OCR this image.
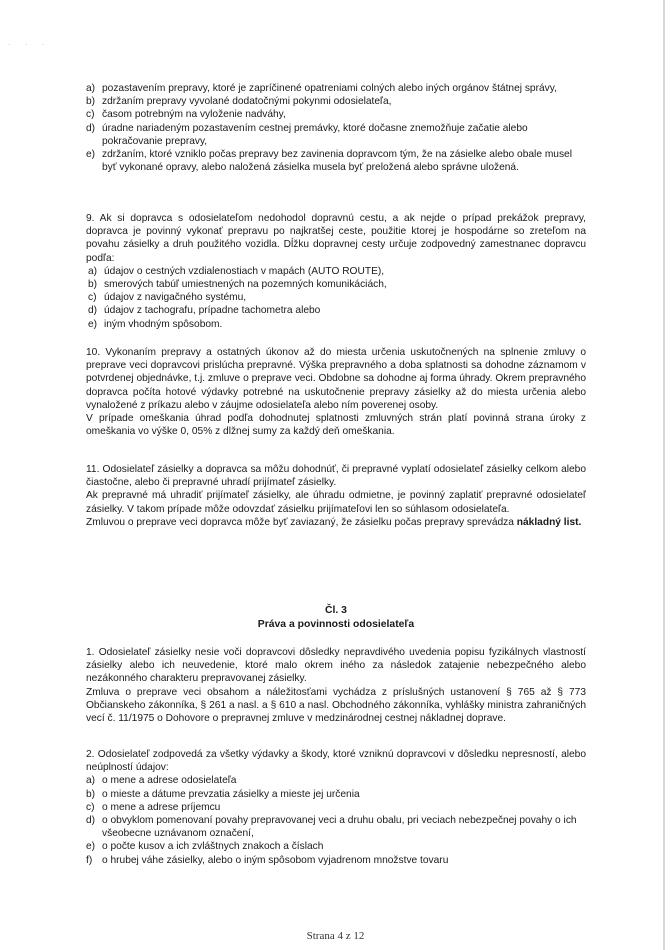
· · ·
a) pozastavením prepravy, ktoré je zapríčinené opatreniami colných alebo iných orgánov štátnej správy,
b) zdržaním prepravy vyvolané dodatočnými pokynmi odosielateľa,
c) časom potrebným na vyloženie nadváhy,
d) úradne nariadeným pozastavením cestnej premávky, ktoré dočasne znemožňuje začatie alebo pokračovanie prepravy,
e) zdržaním, ktoré vzniklo počas prepravy bez zavinenia dopravcom tým, že na zásielke alebo obale musel byť vykonané opravy, alebo naložená zásielka musela byť preložená alebo správne uložená.

9. Ak si dopravca s odosielateľom nedohodol dopravnú cestu, a ak nejde o prípad prekážok prepravy, dopravca je povinný vykonať prepravu po najkratšej ceste, použitie ktorej je hospodárne so zreteľom na povahu zásielky a druh použitého vozidla. Dĺžku dopravnej cesty určuje zodpovedný zamestnanec dopravcu podľa:

a) údajov o cestných vzdialenostiach v mapách (AUTO ROUTE),
b) smerových tabúľ umiestnených na pozemných komunikáciách,
c) údajov z navigačného systému,
d) údajov z tachografu, prípadne tachometra alebo
e) iným vhodným spôsobom.

10. Vykonaním prepravy a ostatných úkonov až do miesta určenia uskutočnených na splnenie zmluvy o preprave veci dopravcovi prislúcha prepravné. Výška prepravného a doba splatnosti sa dohodne záznamom v potvrdenej objednávke, t.j. zmluve o preprave veci. Obdobne sa dohodne aj forma úhrady. Okrem prepravného dopravca počíta hotové výdavky potrebné na uskutočnenie prepravy zásielky až do miesta určenia alebo vynaložené z príkazu alebo v záujme odosielateľa alebo ním poverenej osoby.

V prípade omeškania úhrad podľa dohodnutej splatnosti zmluvných strán platí povinná strana úroky z omeškania vo výške 0, 05% z dlžnej sumy za každý deň omeškania.

11. Odosielateľ zásielky a dopravca sa môžu dohodnúť, či prepravné vyplatí odosielateľ zásielky celkom alebo čiastočne, alebo či prepravné uhradí prijímateľ zásielky.

Ak prepravné má uhradiť prijímateľ zásielky, ale úhradu odmietne, je povinný zaplatiť prepravné odosielateľ zásielky. V takom prípade môže odovzdať zásielku prijímateľovi len so súhlasom odosielateľa.

Zmluvou o preprave veci dopravca môže byť zaviazaný, že zásielku počas prepravy sprevádza nákladný list.

Čl. 3
Práva a povinnosti odosielateľa

1. Odosielateľ zásielky nesie voči dopravcovi dôsledky nepravdivého uvedenia popisu fyzikálnych vlastností zásielky alebo ich neuvedenie, ktoré malo okrem iného za následok zatajenie nebezpečného alebo nezákonného charakteru prepravovanej zásielky.

Zmluva o preprave veci obsahom a náležitosťami vychádza z príslušných ustanovení § 765 až § 773 Občianskeho zákonníka, § 261 a nasl. a § 610 a nasl. Obchodného zákonníka, vyhlášky ministra zahraničných vecí č. 11/1975 o Dohovore o prepravnej zmluve v medzinárodnej cestnej nákladnej doprave.

2. Odosielateľ zodpovedá za všetky výdavky a škody, ktoré vzniknú dopravcovi v dôsledku nepresností, alebo neúplností údajov:

a) o mene a adrese odosielateľa
b) o mieste a dátume prevzatia zásielky a mieste jej určenia
c) o mene a adrese príjemcu
d) o obvyklom pomenovaní povahy prepravovanej veci a druhu obalu, pri veciach nebezpečnej povahy o ich všeobecne uznávanom označení,
e) o počte kusov a ich zvláštnych znakoch a číslach
f) o hrubej váhe zásielky, alebo o iným spôsobom vyjadrenom množstve tovaru
Strana 4 z 12
